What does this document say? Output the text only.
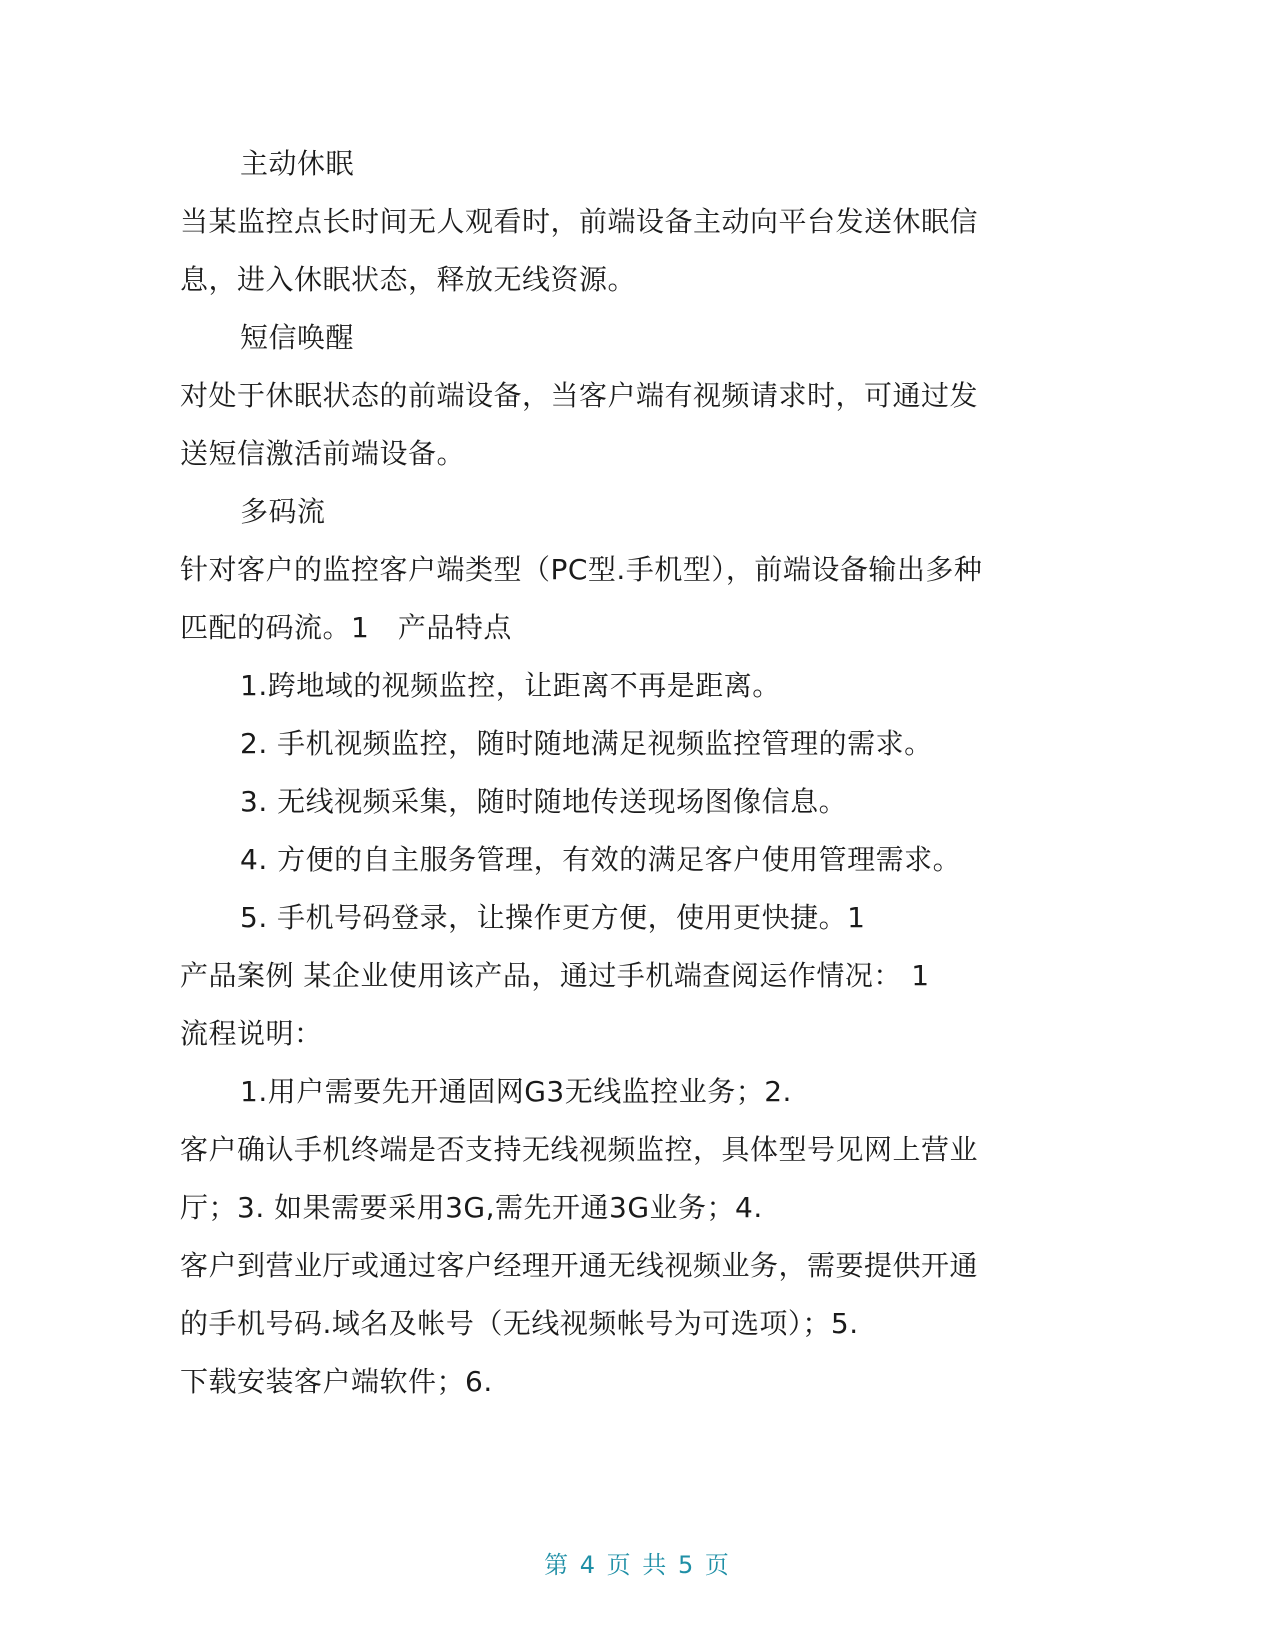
主动休眠
当某监控点长时间无人观看时，前端设备主动向平台发送休眠信
息，进入休眠状态，释放无线资源。
短信唤醒
对处于休眠状态的前端设备，当客户端有视频请求时，可通过发
送短信激活前端设备。
多码流
针对客户的监控客户端类型（PC型.手机型），前端设备输出多种
匹配的码流。1　产品特点
1.跨地域的视频监控，让距离不再是距离。
2. 手机视频监控，随时随地满足视频监控管理的需求。
3. 无线视频采集，随时随地传送现场图像信息。
4. 方便的自主服务管理，有效的满足客户使用管理需求。
5. 手机号码登录，让操作更方便，使用更快捷。1
产品案例 某企业使用该产品，通过手机端查阅运作情况： 1
流程说明：
1.用户需要先开通固网G3无线监控业务；2.
客户确认手机终端是否支持无线视频监控，具体型号见网上营业
厅；3. 如果需要采用3G,需先开通3G业务；4.
客户到营业厅或通过客户经理开通无线视频业务，需要提供开通
的手机号码.域名及帐号（无线视频帐号为可选项）；5.
下载安装客户端软件；6.
第 4 页 共 5 页
